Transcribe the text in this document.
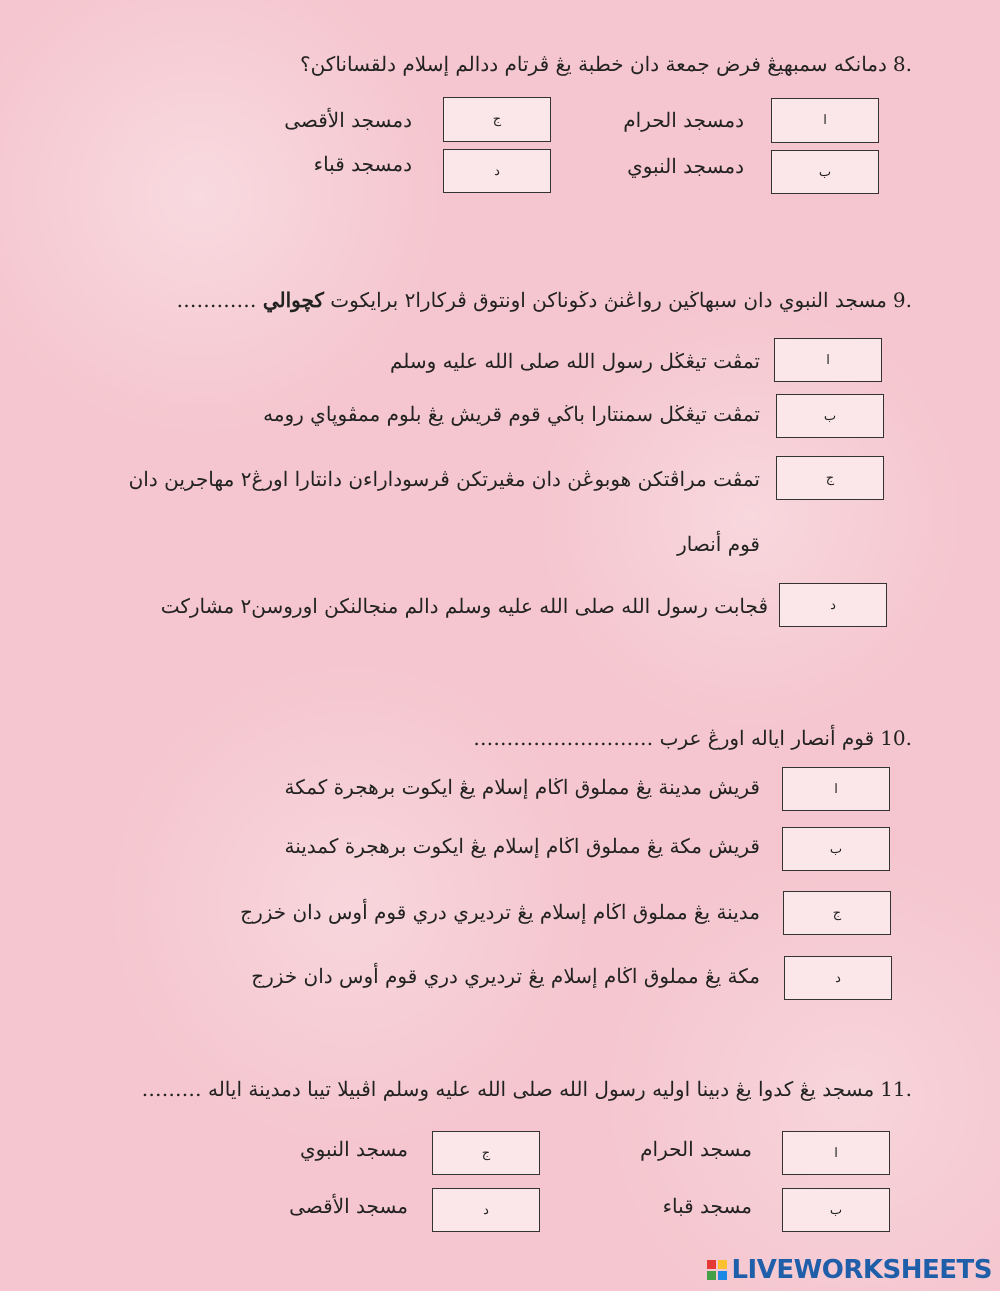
8.دمانكه سمبهيڠ فرض جمعة دان خطبة يڠ ڤرتام ددالم إسلام دلقساناكن؟
ا
دمسجد الحرام
ج
دمسجد الأقصى
ب
دمسجد النبوي
د
دمسجد قباء
9.مسجد النبوي دان سبهاڬين رواڠنڽ دڬوناكن اونتوق ڤركارا٢ برايكوت كچوالي …………
ا
تمڤت تيڠڬل رسول الله صلى الله عليه وسلم
ب
تمڤت تيڠڬل سمنتارا باڬي قوم قريش يڠ بلوم ممڤوڽاي رومه
ج
تمڤت مراڤتكن هوبوڠن دان مڠيرتكن ڤرسوداراءن دانتارا اورڠ٢ مهاجرين دان
قوم أنصار
د
ڤجابت رسول الله صلى الله عليه وسلم دالم منجالنكن اوروسن٢ مشاركت
10.قوم أنصار اياله اورڠ عرب ………………………
ا
قريش مدينة يڠ مملوق اڬام إسلام يڠ ايكوت برهجرة كمكة
ب
قريش مكة يڠ مملوق اڬام إسلام يڠ ايكوت برهجرة كمدينة
ج
مدينة يڠ مملوق اڬام إسلام يڠ ترديري دري قوم أوس دان خزرج
د
مكة يڠ مملوق اڬام إسلام يڠ ترديري دري قوم أوس دان خزرج
11.مسجد يڠ كدوا يڠ دبينا اوليه رسول الله صلى الله عليه وسلم اڤبيلا تيبا دمدينة اياله ………
ا
مسجد الحرام
ج
مسجد النبوي
ب
مسجد قباء
د
مسجد الأقصى
LIVEWORKSHEETS
